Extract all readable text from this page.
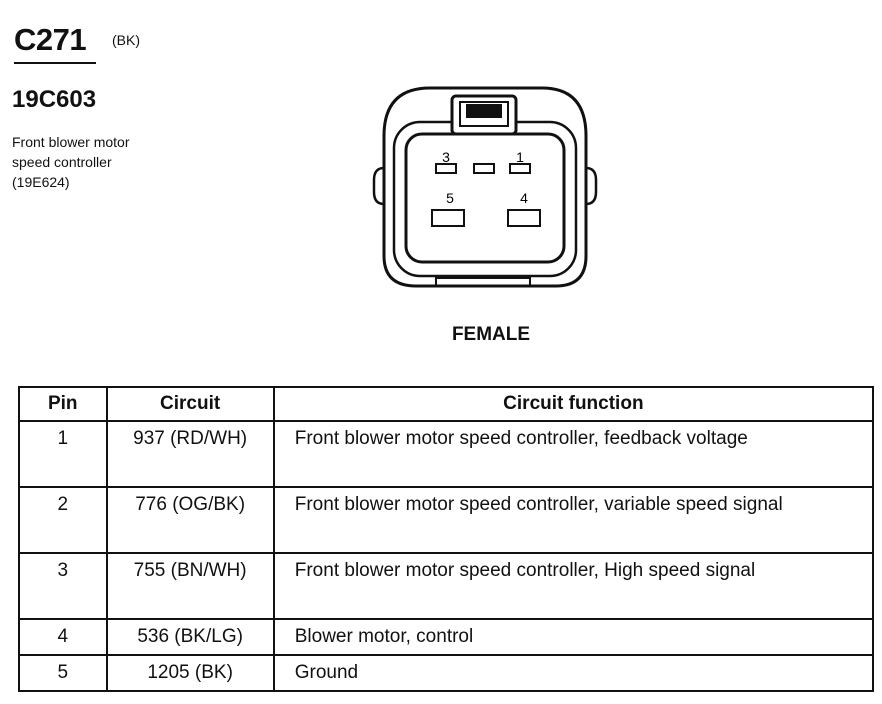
C271 (BK)
19C603
Front blower motor
speed controller
(19E624)
3	1
5	4
FEMALE
Pin	Circuit	Circuit function
1	937 (RD/WH)	Front blower motor speed controller, feedback voltage
2	776 (OG/BK)	Front blower motor speed controller, variable speed signal
3	755 (BN/WH)	Front blower motor speed controller, High speed signal
4	536 (BK/LG)	Blower motor, control
5	1205 (BK)	Ground
